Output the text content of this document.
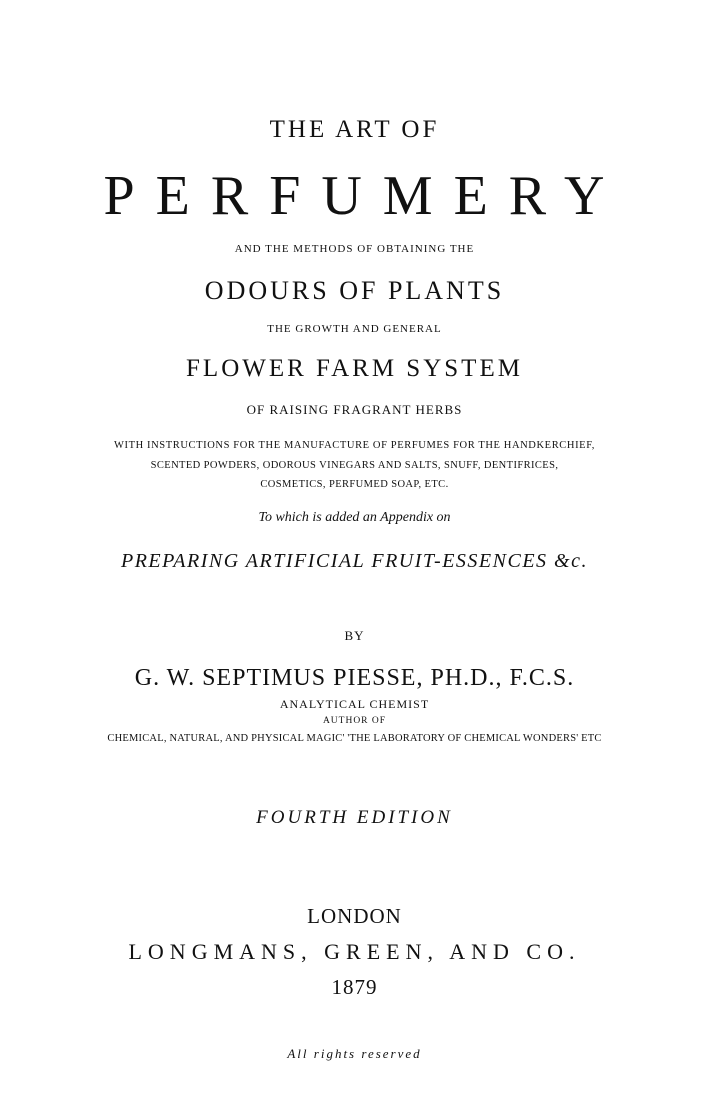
THE ART OF
PERFUMERY
AND THE METHODS OF OBTAINING THE
ODOURS OF PLANTS
THE GROWTH AND GENERAL
FLOWER FARM SYSTEM
OF RAISING FRAGRANT HERBS
WITH INSTRUCTIONS FOR THE MANUFACTURE OF PERFUMES FOR THE HANDKERCHIEF,
SCENTED POWDERS, ODOROUS VINEGARS AND SALTS, SNUFF, DENTIFRICES,
COSMETICS, PERFUMED SOAP, ETC.
To which is added an Appendix on
PREPARING ARTIFICIAL FRUIT-ESSENCES &c.
BY
G. W. SEPTIMUS PIESSE, PH.D., F.C.S.
ANALYTICAL CHEMIST
AUTHOR OF
CHEMICAL, NATURAL, AND PHYSICAL MAGIC' 'THE LABORATORY OF CHEMICAL WONDERS' ETC
FOURTH EDITION
LONDON
LONGMANS, GREEN, AND CO.
1879
All rights reserved
